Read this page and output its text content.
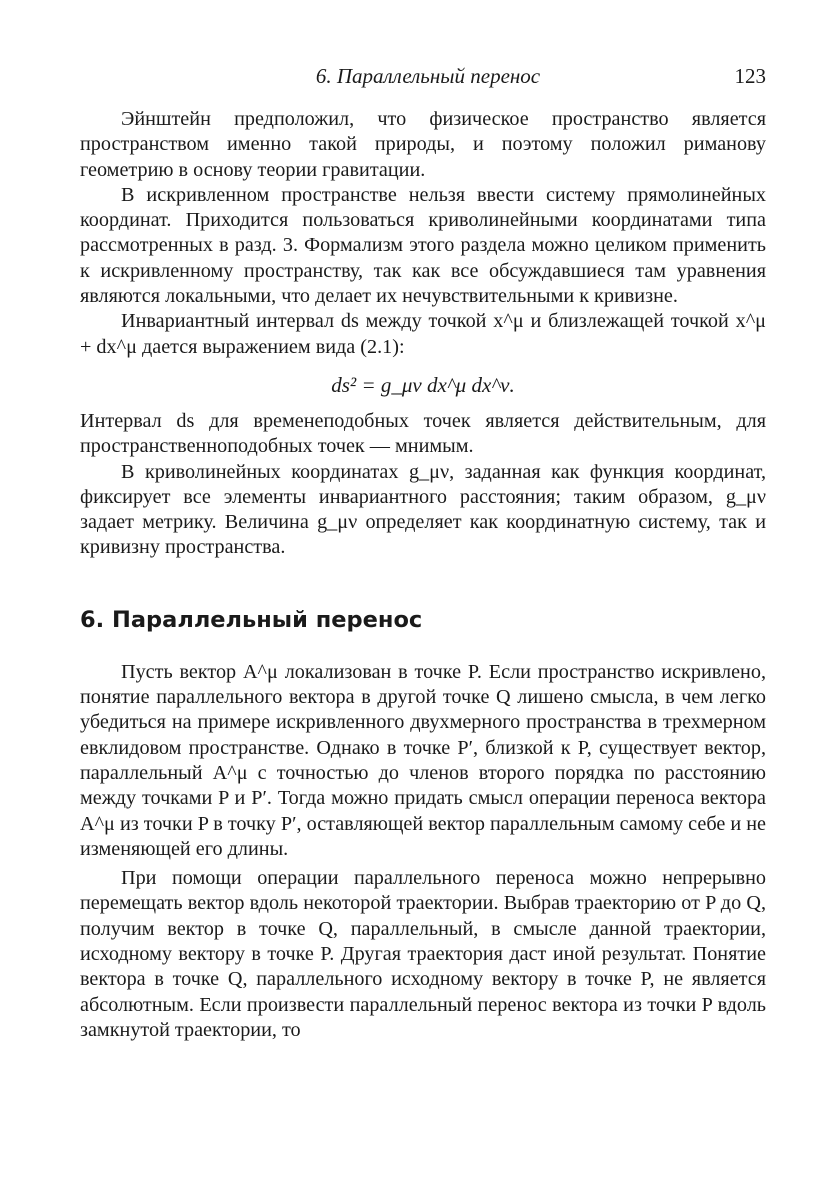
6. Параллельный перенос	123

Эйнштейн предположил, что физическое пространство является пространством именно такой природы, и поэтому положил риманову геометрию в основу теории гравитации.

В искривленном пространстве нельзя ввести систему прямолинейных координат. Приходится пользоваться криволинейными координатами типа рассмотренных в разд. 3. Формализм этого раздела можно целиком применить к искривленному пространству, так как все обсуждавшиеся там уравнения являются локальными, что делает их нечувствительными к кривизне.

Инвариантный интервал ds между точкой x^μ и близлежащей точкой x^μ + dx^μ дается выражением вида (2.1):

ds² = g_μν dx^μ dx^ν.

Интервал ds для временеподобных точек является действительным, для пространственноподобных точек — мнимым.

В криволинейных координатах g_μν, заданная как функция координат, фиксирует все элементы инвариантного расстояния; таким образом, g_μν задает метрику. Величина g_μν определяет как координатную систему, так и кривизну пространства.

6. Параллельный перенос

Пусть вектор A^μ локализован в точке P. Если пространство искривлено, понятие параллельного вектора в другой точке Q лишено смысла, в чем легко убедиться на примере искривленного двухмерного пространства в трехмерном евклидовом пространстве. Однако в точке P′, близкой к P, существует вектор, параллельный A^μ с точностью до членов второго порядка по расстоянию между точками P и P′. Тогда можно придать смысл операции переноса вектора A^μ из точки P в точку P′, оставляющей вектор параллельным самому себе и не изменяющей его длины.

При помощи операции параллельного переноса можно непрерывно перемещать вектор вдоль некоторой траектории. Выбрав траекторию от P до Q, получим вектор в точке Q, параллельный, в смысле данной траектории, исходному вектору в точке P. Другая траектория даст иной результат. Понятие вектора в точке Q, параллельного исходному вектору в точке P, не является абсолютным. Если произвести параллельный перенос вектора из точки P вдоль замкнутой траектории, то
